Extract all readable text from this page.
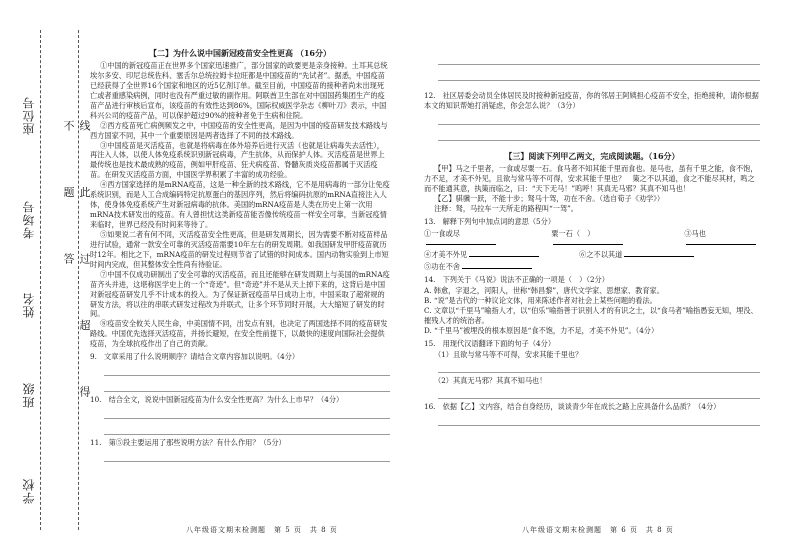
座位号
考场号
姓名
班级
学校
线 此 过 超 得 不 题 答
【二】为什么说中国新冠疫苗安全性更高 （16分）

①中国的新冠疫苗正在世界多个国家迅速推广，部分国家的政要更是亲身接种。土耳其总统埃尔多安、印尼总统佐科、塞舌尔总统拉姆卡拉旺都是中国疫苗的“先试者”。据悉，中国疫苗已经获得了全世界16个国家和地区的近5亿剂订单。截至目前，中国疫苗的接种者尚未出现死亡或者重感染病例，同时也没有严重过敏的副作用。阿联酋卫生部在对中国国药集团生产的疫苗产品进行审核后宣布，该疫苗的有效性达到86%，国际权威医学杂志《柳叶刀》表示，中国科兴公司的疫苗产品，可以保护超过90%的接种者免于生病和住院。

②西方疫苗死亡病例频发之中，中国疫苗的安全性更高，是因为中国的疫苗研发技术路线与西方国家不同，其中一个重要原因是两者选择了不同的技术路线。

③中国疫苗是灭活疫苗，也就是将病毒在体外培养后进行灭活（也就是让病毒失去活性），再注入人体，以使人体免疫系统识别新冠病毒，产生抗体，从而保护人体。灭活疫苗是世界上最传统也是技术最成熟的疫苗，例如甲肝疫苗、狂犬病疫苗、脊髓灰质炎疫苗都属于灭活疫苗。在研发灭活疫苗方面，中国医学界积累了丰富的成功经验。

④西方国家选择的是mRNA疫苗，这是一种全新的技术路线，它不是用病毒的一部分让免疫系统识别，而是人工合成编码特定抗原蛋白的基因序列，然后将编码抗原的mRNA直接注入人体，使身体免疫系统产生对新冠病毒的抗体。美国的mRNA疫苗是人类在历史上第一次用mRNA技术研发出的疫苗。有人曾担忧这类新疫苗能否像传统疫苗一样安全可靠，当新冠疫情来临时，世界已经没有时间来等待了。

⑤如果说二者有何不同，灭活疫苗安全性更高，但是研发周期长，因为需要不断对疫苗样品进行试验，通常一款安全可靠的灭活疫苗需要10年左右的研发周期。如我国研发甲肝疫苗就历时12年。相比之下，mRNA疫苗的研发过程则节省了试错的时间成本。国内动物实验到上市短时间内完成，但其整体安全性尚有待验证。

⑦中国不仅成功研制出了安全可靠的灭活疫苗，而且还能够在研发周期上与美国的mRNA疫苗齐头并进，这堪称医学史上的一个“奇迹”。但“奇迹”并不是从天上掉下来的，这背后是中国对新冠疫苗研发几乎不计成本的投入。为了保证新冠疫苗早日成功上市，中国采取了超常规的研发方法，将以往的串联式研发过程改为并联式，让多个环节同时开展，大大缩短了研发的时间。

⑧疫苗安全攸关人民生命，中美国情不同，出发点有别，也决定了两国选择不同的疫苗研发路线。中国优先选择灭活疫苗，并扬长避短，在安全性前提下，以最快的速度向国际社会提供疫苗，为全球抗疫作出了自己的贡献。

9.　文章采用了什么说明顺序？请结合文章内容加以说明。（4分）
10.　结合全文，说说中国新冠疫苗为什么安全性更高？为什么上市早？（4分）
11.　第⑤段主要运用了那些说明方法？有什么作用？（5分）
八年级语文期末检测题　第 5 页　共 8 页
12.　社区居委会动员全体居民及时接种新冠疫苗，你的邻居王阿姨担心疫苗不安全，拒绝接种，请你根据本文的知识帮她打消疑虑，你会怎么说？（3分）
【三】阅读下列甲乙两文，完成阅读题。（16分）

【甲】马之千里者，一食或尽粟一石。食马者不知其能千里而食也。是马也，虽有千里之能，食不饱，力不足，才美不外见，且欲与常马等不可得，安求其能千里也？　策之不以其道，食之不能尽其材，鸣之而不能通其意，执策而临之，曰：“天下无马！”呜呼！其真无马邪？其真不知马也！

【乙】骐骥一跃，不能十步；驽马十驾，功在不舍。（选自荀子《劝学》）

注释：驽，马拉车一天所走的路程叫“一驾”。

13.　解释下列句中加点词的意思（5分）
①一食或尽	粟一石（　）	③马也
④才美不外见	⑥之不以其道
⑤功在不舍
14.　下列关于《马说》说法不正确的一项是（　）（2分）
A. 韩愈，字退之，河阳人，世称“韩昌黎”，唐代文学家、思想家、教育家。
B. “说”是古代的一种议论文体，用来陈述作者对社会上某些问题的看法。
C. 文章以“千里马”喻指人才，以“伯乐”喻指善于识别人才的有识之士，以“食马者”喻指愚妄无知，埋没、摧残人才的统治者。
D. “千里马”被埋没的根本原因是“食不饱，力不足，才美不外见”。（4分）
15.　用现代汉语翻译下面的句子（4分）
（1）且欲与常马等不可得，安求其能千里也？
（2）其真无马邪？其真不知马也！
16.　依据【乙】文内容，结合自身经历，谈谈青少年在成长之路上应具备什么品质？（4分）
八年级语文期末检测题　第 6 页　共 8 页
